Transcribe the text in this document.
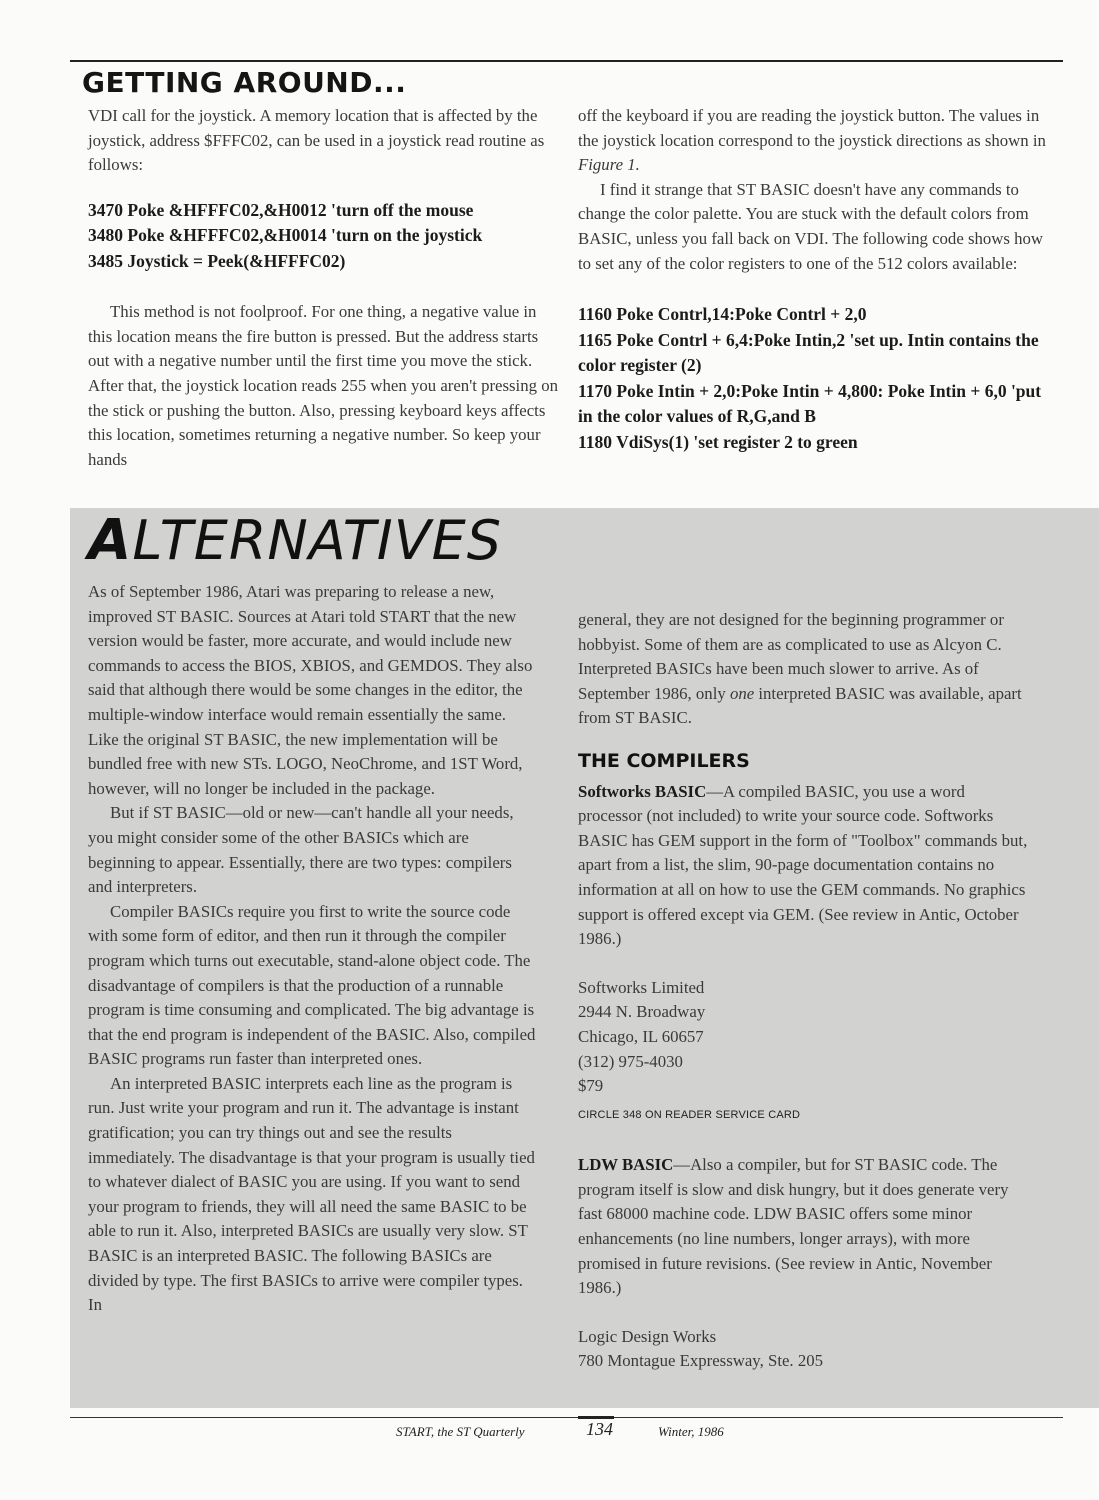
GETTING AROUND...

VDI call for the joystick. A memory location that is affected by the joystick, address $FFFC02, can be used in a joystick read routine as follows:

3470 Poke &HFFFC02,&H0012 'turn off the mouse
3480 Poke &HFFFC02,&H0014 'turn on the joystick
3485 Joystick = Peek(&HFFFC02)

This method is not foolproof. For one thing, a negative value in this location means the fire button is pressed. But the address starts out with a negative number until the first time you move the stick. After that, the joystick location reads 255 when you aren't pressing on the stick or pushing the button. Also, pressing keyboard keys affects this location, sometimes returning a negative number. So keep your hands

off the keyboard if you are reading the joystick button. The values in the joystick location correspond to the joystick directions as shown in Figure 1.

I find it strange that ST BASIC doesn't have any commands to change the color palette. You are stuck with the default colors from BASIC, unless you fall back on VDI. The following code shows how to set any of the color registers to one of the 512 colors available:

1160 Poke Contrl,14:Poke Contrl + 2,0
1165 Poke Contrl + 6,4:Poke Intin,2 'set up. Intin contains the color register (2)
1170 Poke Intin + 2,0:Poke Intin + 4,800: Poke Intin + 6,0 'put in the color values of R,G,and B
1180 VdiSys(1) 'set register 2 to green
ALTERNATIVES

As of September 1986, Atari was preparing to release a new, improved ST BASIC. Sources at Atari told START that the new version would be faster, more accurate, and would include new commands to access the BIOS, XBIOS, and GEMDOS. They also said that although there would be some changes in the editor, the multiple-window interface would remain essentially the same. Like the original ST BASIC, the new implementation will be bundled free with new STs. LOGO, NeoChrome, and 1ST Word, however, will no longer be included in the package.

But if ST BASIC—old or new—can't handle all your needs, you might consider some of the other BASICs which are beginning to appear. Essentially, there are two types: compilers and interpreters.

Compiler BASICs require you first to write the source code with some form of editor, and then run it through the compiler program which turns out executable, stand-alone object code. The disadvantage of compilers is that the production of a runnable program is time consuming and complicated. The big advantage is that the end program is independent of the BASIC. Also, compiled BASIC programs run faster than interpreted ones.

An interpreted BASIC interprets each line as the program is run. Just write your program and run it. The advantage is instant gratification; you can try things out and see the results immediately. The disadvantage is that your program is usually tied to whatever dialect of BASIC you are using. If you want to send your program to friends, they will all need the same BASIC to be able to run it. Also, interpreted BASICs are usually very slow. ST BASIC is an interpreted BASIC. The following BASICs are divided by type. The first BASICs to arrive were compiler types. In

general, they are not designed for the beginning programmer or hobbyist. Some of them are as complicated to use as Alcyon C. Interpreted BASICs have been much slower to arrive. As of September 1986, only one interpreted BASIC was available, apart from ST BASIC.

THE COMPILERS

Softworks BASIC—A compiled BASIC, you use a word processor (not included) to write your source code. Softworks BASIC has GEM support in the form of "Toolbox" commands but, apart from a list, the slim, 90-page documentation contains no information at all on how to use the GEM commands. No graphics support is offered except via GEM. (See review in Antic, October 1986.)

Softworks Limited

2944 N. Broadway

Chicago, IL 60657

(312) 975-4030

$79

CIRCLE 348 ON READER SERVICE CARD

LDW BASIC—Also a compiler, but for ST BASIC code. The program itself is slow and disk hungry, but it does generate very fast 68000 machine code. LDW BASIC offers some minor enhancements (no line numbers, longer arrays), with more promised in future revisions. (See review in Antic, November 1986.)

Logic Design Works

780 Montague Expressway, Ste. 205

START, the ST Quarterly	134	Winter, 1986
